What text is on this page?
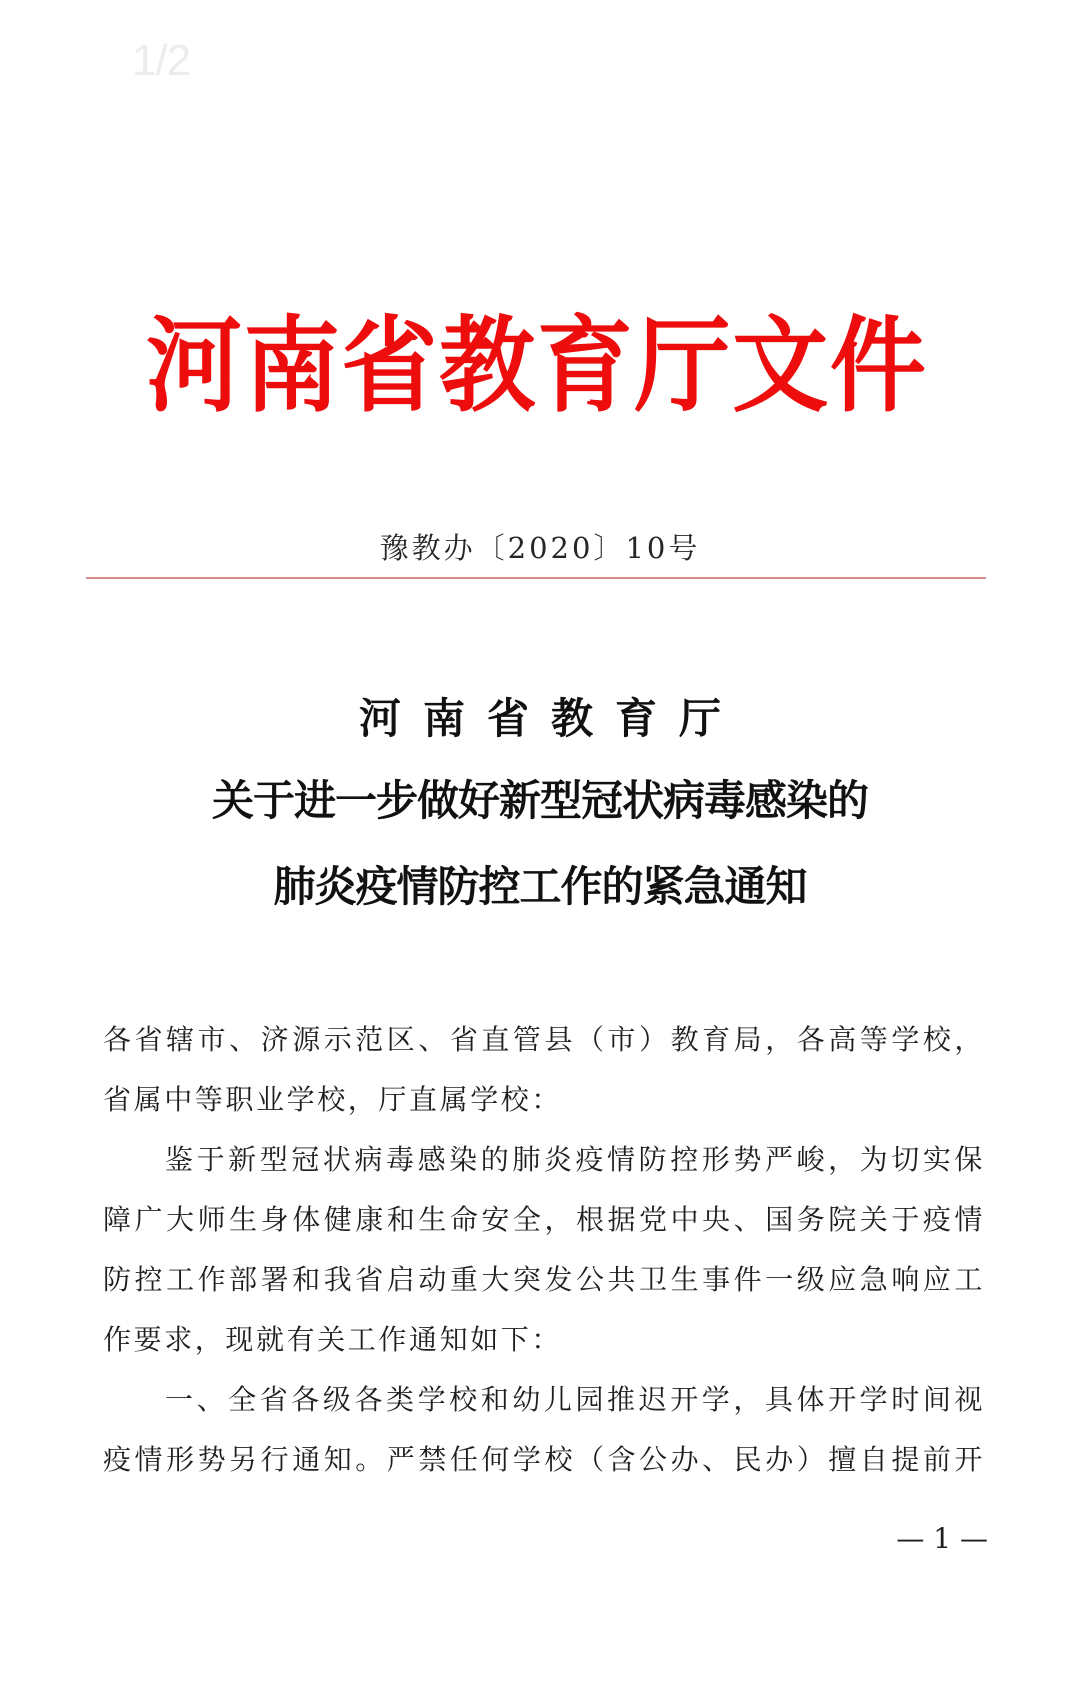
1/2
河 南 省 教 育 厅 文 件
豫教办〔2020〕10号
河南省教育厅
关于进一步做好新型冠状病毒感染的
肺炎疫情防控工作的紧急通知
各省辖市、济源示范区、省直管县（市）教育局，各高等学校，
省属中等职业学校，厅直属学校：
鉴于新型冠状病毒感染的肺炎疫情防控形势严峻，为切实保
障广大师生身体健康和生命安全，根据党中央、国务院关于疫情
防控工作部署和我省启动重大突发公共卫生事件一级应急响应工
作要求，现就有关工作通知如下：
一、全省各级各类学校和幼儿园推迟开学，具体开学时间视
疫情形势另行通知。严禁任何学校（含公办、民办）擅自提前开
— 1 —
